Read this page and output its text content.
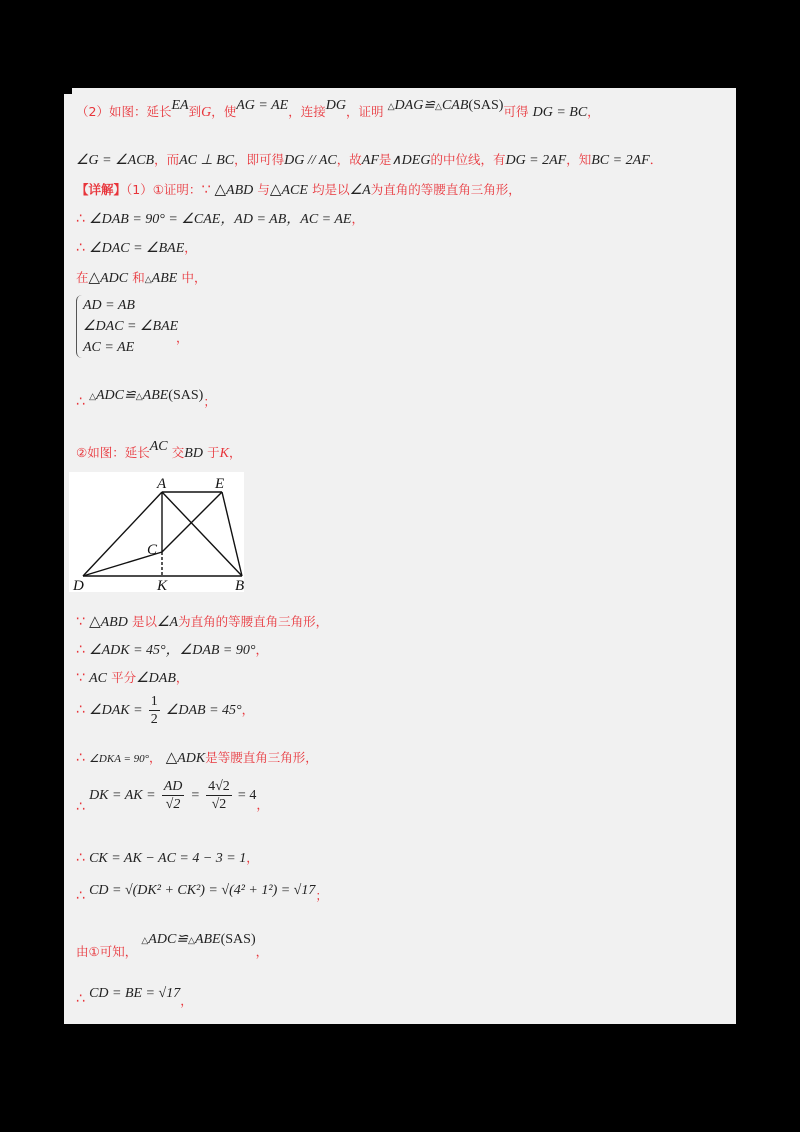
（2）如图：延长EA到G，使AG = AE，连接DG，证明 △DAG≌△CAB(SAS)可得 DG = BC，
∠G = ∠ACB，而AC ⊥ BC，即可得DG // AC，故AF是∧DEG的中位线，有DG = 2AF，知BC = 2AF．
【详解】（1）①证明：∵ △ABD 与△ACE 均是以∠A为直角的等腰直角三角形，
∴ ∠DAB = 90° = ∠CAE，AD = AB，AC = AE，
∴ ∠DAC = ∠BAE，
在△ADC 和△ABE 中，
AD = AB
∠DAC = ∠BAE
AC = AE
，
∴ △ADC≌△ABE(SAS)；
②如图：延长AC 交BD 于K，
A	E
C
D	K	B
∵ △ABD 是以∠A为直角的等腰直角三角形，
∴ ∠ADK = 45°，∠DAB = 90°，
∵ AC 平分∠DAB，
∴ ∠DAK = $\frac{1}{2}$ ∠DAB = 45°，
∴ ∠DKA = 90°， △ADK是等腰直角三角形，
∴ DK = AK = $\frac{AD}{√2} = \frac{4√2}{√2} = 4$，
∴ CK = AK − AC = 4 − 3 = 1，
∴ CD = √(DK² + CK²) = √(4² + 1²) = √17；
由①可知， △ADC≌△ABE(SAS)，
∴ CD = BE = √17，
